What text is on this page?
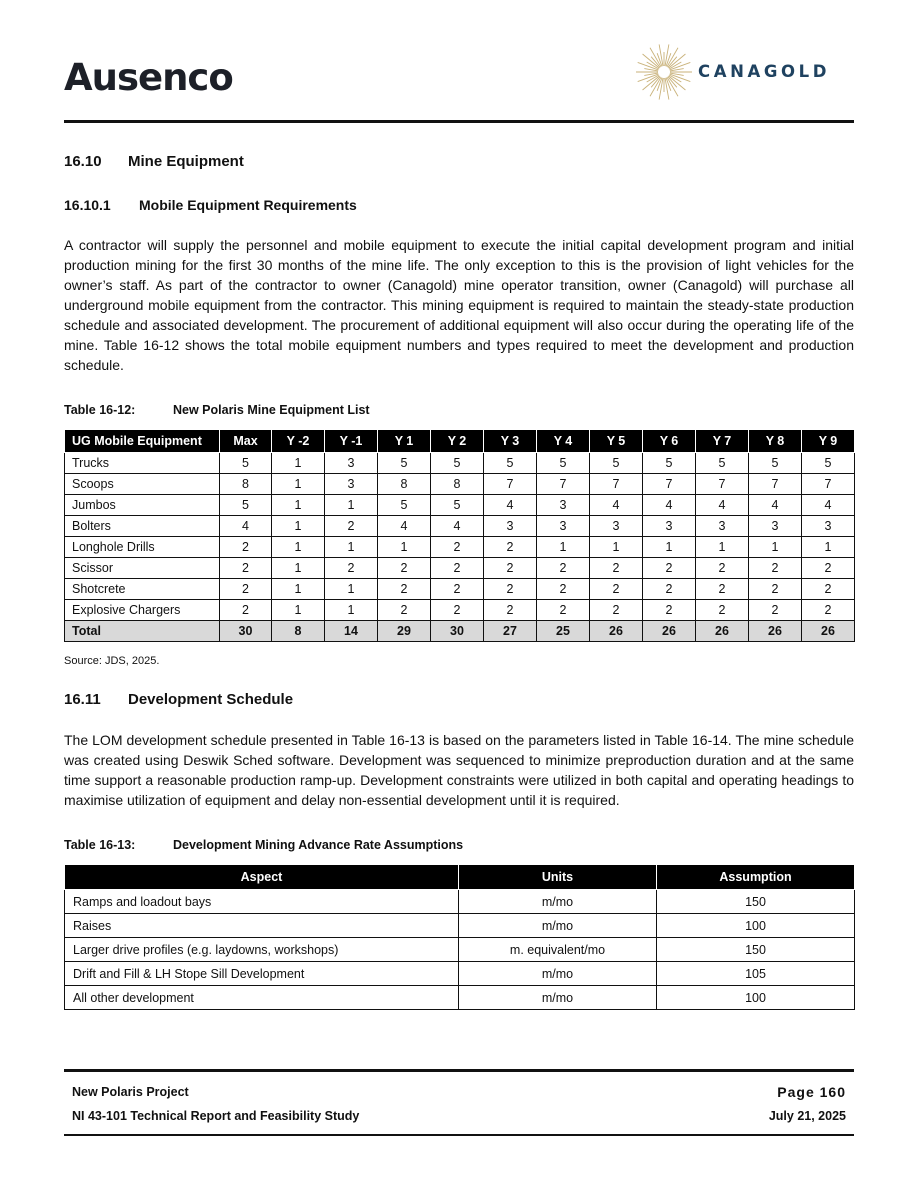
Ausenco	CANAGOLD
16.10 Mine Equipment
16.10.1 Mobile Equipment Requirements

A contractor will supply the personnel and mobile equipment to execute the initial capital development program and initial production mining for the first 30 months of the mine life. The only exception to this is the provision of light vehicles for the owner’s staff. As part of the contractor to owner (Canagold) mine operator transition, owner (Canagold) will purchase all underground mobile equipment from the contractor. This mining equipment is required to maintain the steady-state production schedule and associated development. The procurement of additional equipment will also occur during the operating life of the mine. Table 16-12 shows the total mobile equipment numbers and types required to meet the development and production schedule.

Table 16-12:	New Polaris Mine Equipment List
UG Mobile Equipment	Max	Y -2	Y -1	Y 1	Y 2	Y 3	Y 4	Y 5	Y 6	Y 7	Y 8	Y 9
Trucks	5	1	3	5	5	5	5	5	5	5	5	5
Scoops	8	1	3	8	8	7	7	7	7	7	7	7
Jumbos	5	1	1	5	5	4	3	4	4	4	4	4
Bolters	4	1	2	4	4	3	3	3	3	3	3	3
Longhole Drills	2	1	1	1	2	2	1	1	1	1	1	1
Scissor	2	1	2	2	2	2	2	2	2	2	2	2
Shotcrete	2	1	1	2	2	2	2	2	2	2	2	2
Explosive Chargers	2	1	1	2	2	2	2	2	2	2	2	2
Total	30	8	14	29	30	27	25	26	26	26	26	26
Source: JDS, 2025.
16.11 Development Schedule

The LOM development schedule presented in Table 16-13 is based on the parameters listed in Table 16-14. The mine schedule was created using Deswik Sched software. Development was sequenced to minimize preproduction duration and at the same time support a reasonable production ramp-up. Development constraints were utilized in both capital and operating headings to maximise utilization of equipment and delay non-essential development until it is required.

Table 16-13:	Development Mining Advance Rate Assumptions
Aspect	Units	Assumption
Ramps and loadout bays	m/mo	150
Raises	m/mo	100
Larger drive profiles (e.g. laydowns, workshops)	m. equivalent/mo	150
Drift and Fill & LH Stope Sill Development	m/mo	105
All other development	m/mo	100
New Polaris Project
NI 43-101 Technical Report and Feasibility Study
Page 160
July 21, 2025
